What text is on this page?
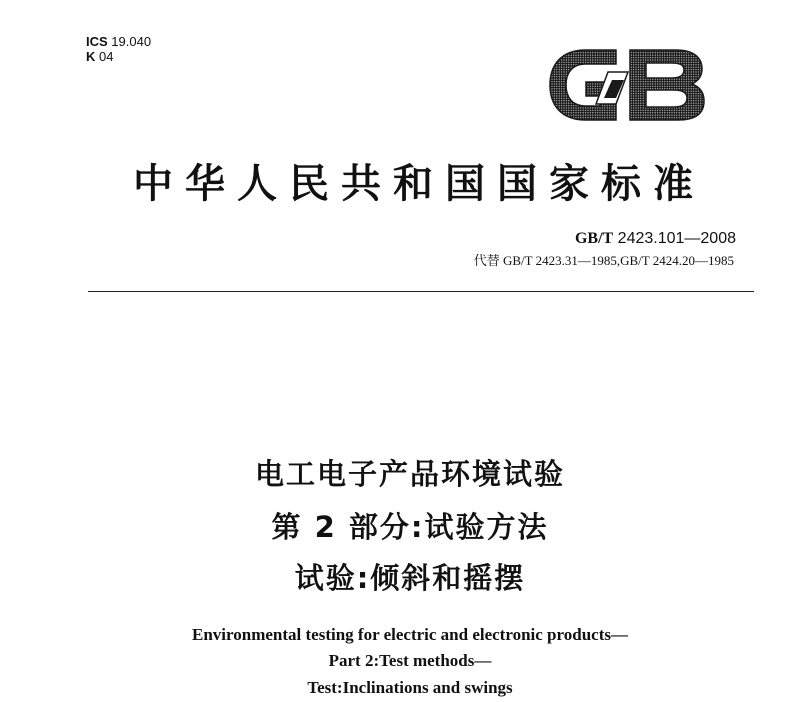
ICS 19.040
K 04
中华人民共和国国家标准
GB/T 2423.101—2008
代替 GB/T 2423.31—1985,GB/T 2424.20—1985
电工电子产品环境试验
第 2 部分:试验方法
试验:倾斜和摇摆
Environmental testing for electric and electronic products—
Part 2:Test methods—
Test:Inclinations and swings
